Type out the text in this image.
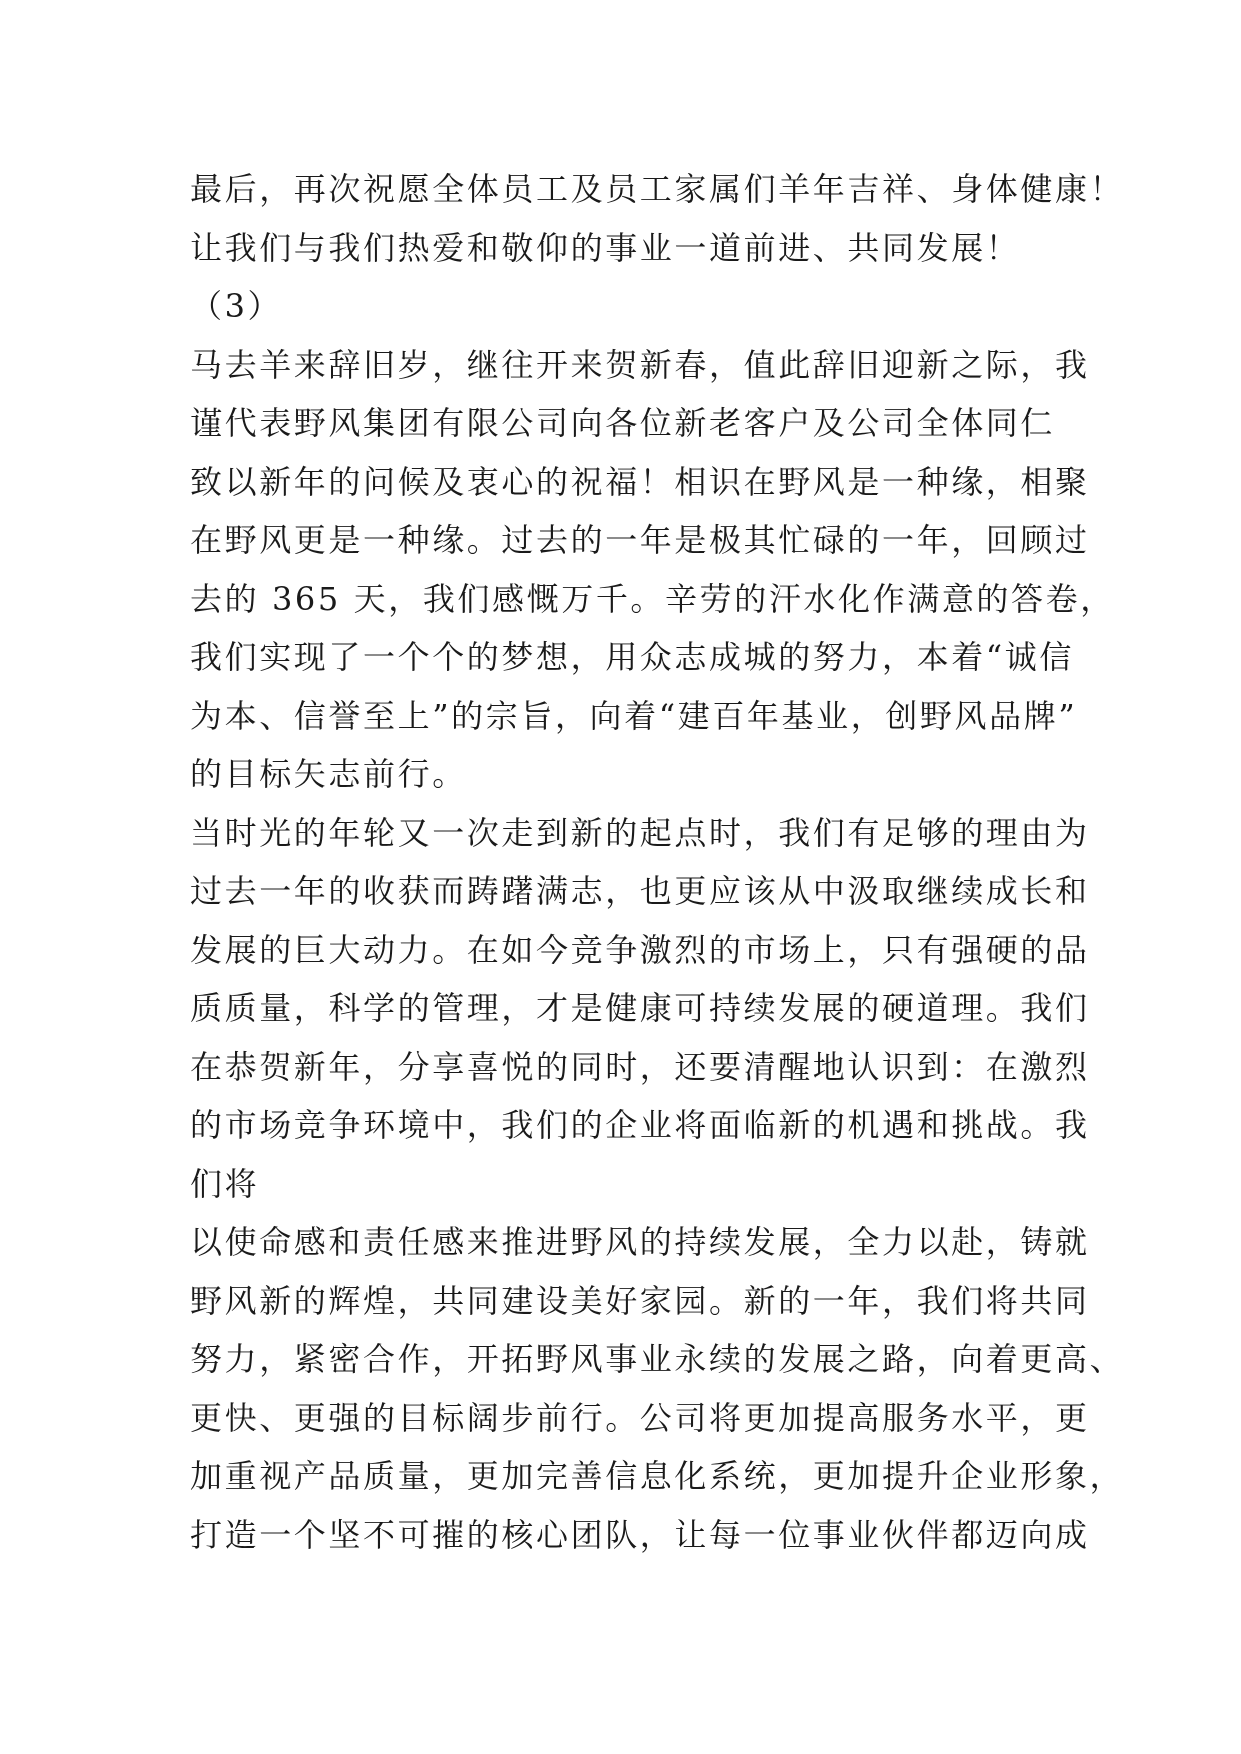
最后，再次祝愿全体员工及员工家属们羊年吉祥、身体健康！
让我们与我们热爱和敬仰的事业一道前进、共同发展！
（3）
马去羊来辞旧岁，继往开来贺新春，值此辞旧迎新之际，我
谨代表野风集团有限公司向各位新老客户及公司全体同仁
致以新年的问候及衷心的祝福！相识在野风是一种缘，相聚
在野风更是一种缘。过去的一年是极其忙碌的一年，回顾过
去的 365 天，我们感慨万千。辛劳的汗水化作满意的答卷，
我们实现了一个个的梦想，用众志成城的努力，本着“诚信
为本、信誉至上”的宗旨，向着“建百年基业，创野风品牌”
的目标矢志前行。
当时光的年轮又一次走到新的起点时，我们有足够的理由为
过去一年的收获而踌躇满志，也更应该从中汲取继续成长和
发展的巨大动力。在如今竞争激烈的市场上，只有强硬的品
质质量，科学的管理，才是健康可持续发展的硬道理。我们
在恭贺新年，分享喜悦的同时，还要清醒地认识到：在激烈
的市场竞争环境中，我们的企业将面临新的机遇和挑战。我
们将
以使命感和责任感来推进野风的持续发展，全力以赴，铸就
野风新的辉煌，共同建设美好家园。新的一年，我们将共同
努力，紧密合作，开拓野风事业永续的发展之路，向着更高、
更快、更强的目标阔步前行。公司将更加提高服务水平，更
加重视产品质量，更加完善信息化系统，更加提升企业形象，
打造一个坚不可摧的核心团队，让每一位事业伙伴都迈向成
